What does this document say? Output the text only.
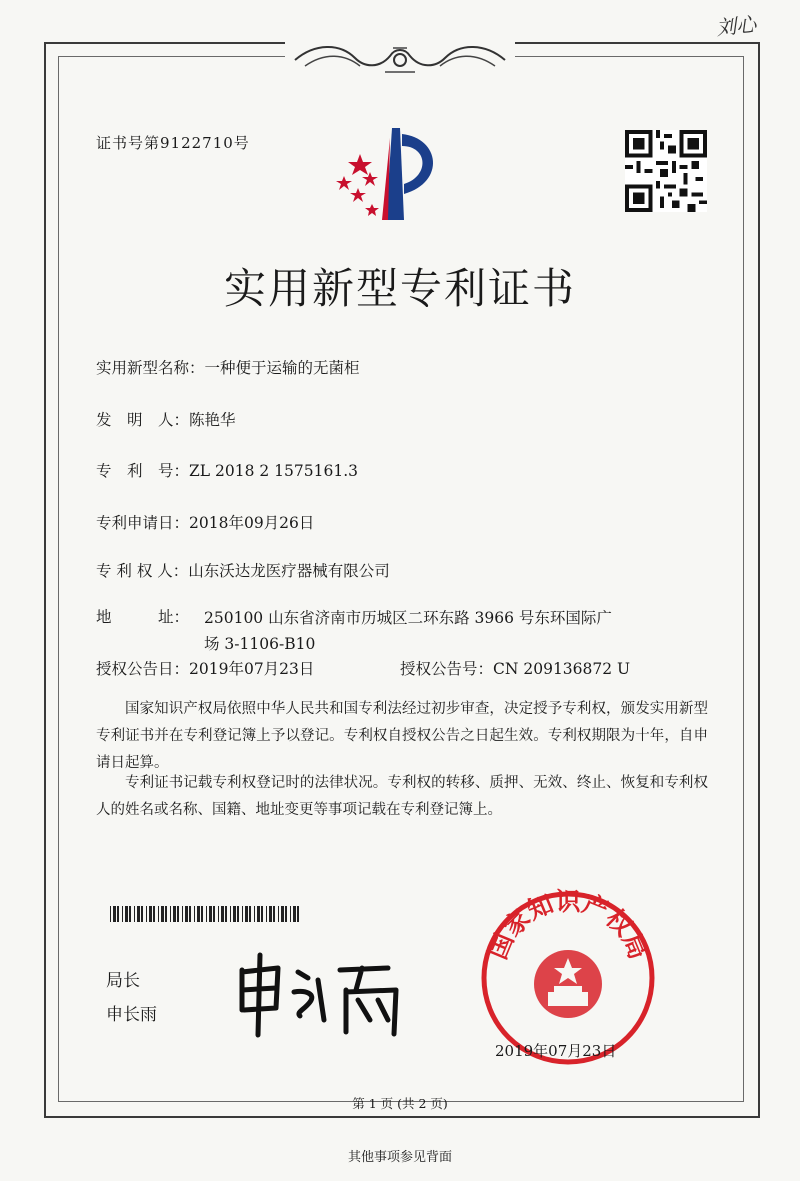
刘心
证书号第9122710号
实用新型专利证书
实用新型名称：一种便于运输的无菌柜
发　明　人：陈艳华
专　利　号：ZL 2018 2 1575161.3
专利申请日：2018年09月26日
专 利 权 人：山东沃达龙医疗器械有限公司
地　　　址： 250100 山东省济南市历城区二环东路 3966 号东环国际广场 3-1106-B10
授权公告日：2019年07月23日	授权公告号：CN 209136872 U
国家知识产权局依照中华人民共和国专利法经过初步审查，决定授予专利权，颁发实用新型专利证书并在专利登记簿上予以登记。专利权自授权公告之日起生效。专利权期限为十年，自申请日起算。
专利证书记载专利权登记时的法律状况。专利权的转移、质押、无效、终止、恢复和专利权人的姓名或名称、国籍、地址变更等事项记载在专利登记簿上。
局长
申长雨
国家知识产权局
2019年07月23日
第 1 页 (共 2 页)
其他事项参见背面
